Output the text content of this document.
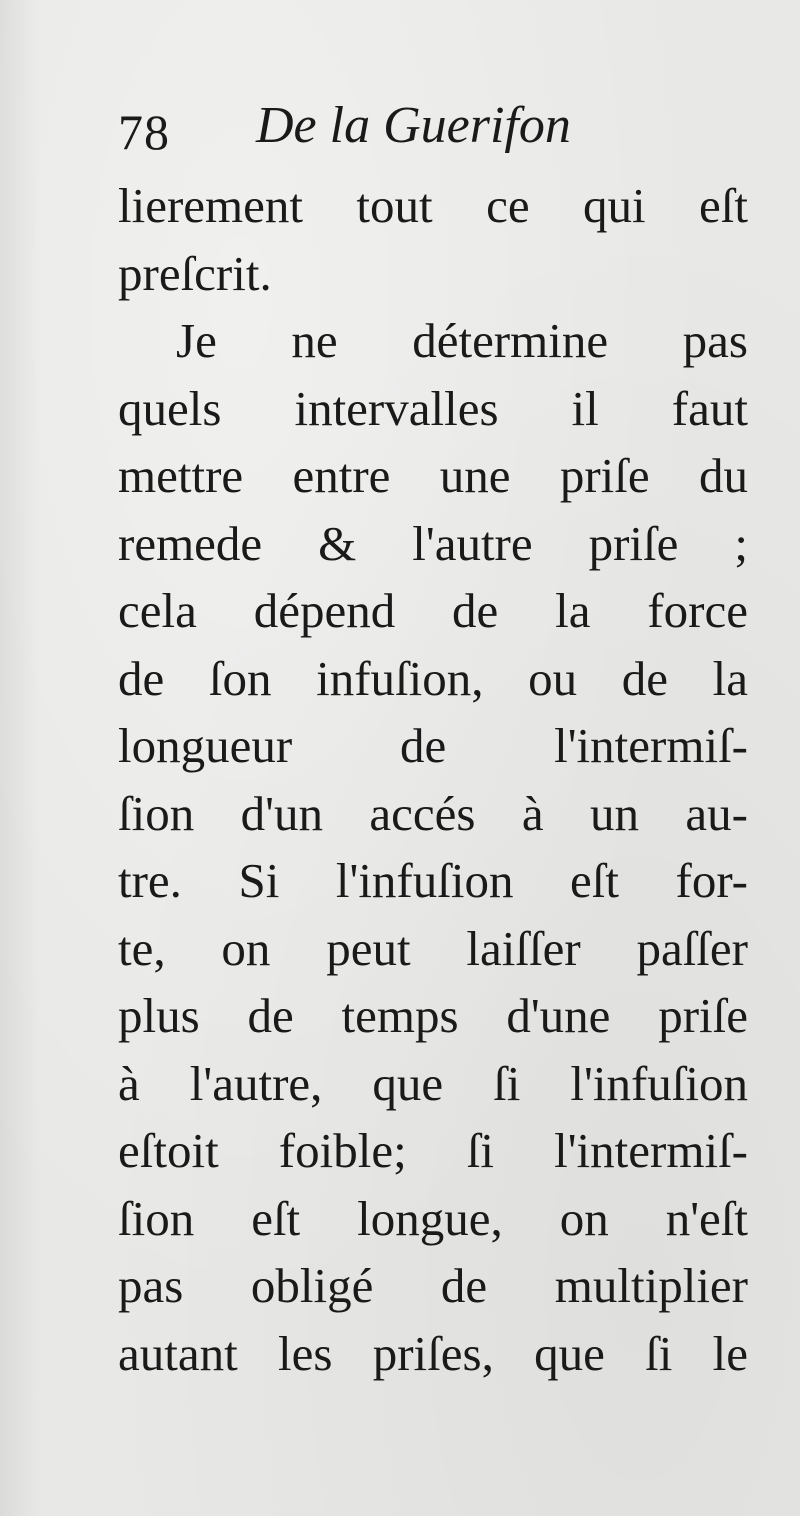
78 De la Guerifon
lierement tout ce qui eſt
preſcrit.
Je ne détermine pas
quels intervalles il faut
mettre entre une priſe du
remede & l'autre priſe ;
cela dépend de la force
de ſon infuſion, ou de la
longueur de l'intermiſ-
ſion d'un accés à un au-
tre. Si l'infuſion eſt for-
te, on peut laiſſer paſſer
plus de temps d'une priſe
à l'autre, que ſi l'infuſion
eſtoit foible; ſi l'intermiſ-
ſion eſt longue, on n'eſt
pas obligé de multiplier
autant les priſes, que ſi le
